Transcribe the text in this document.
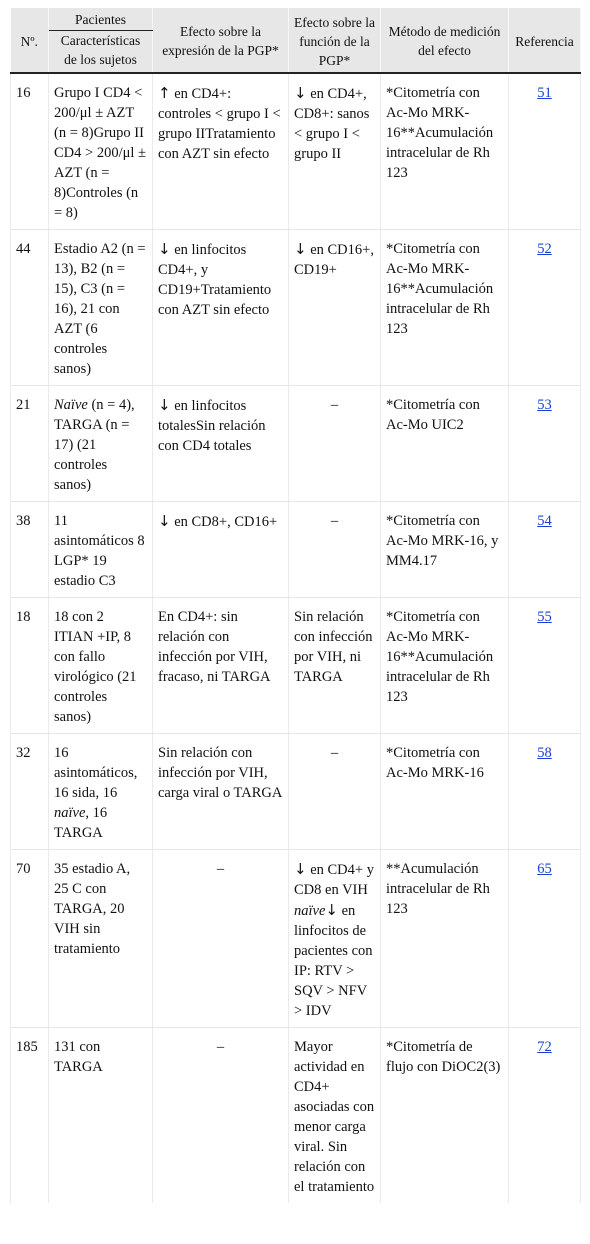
Nº.	Pacientes	Efecto sobre la expresión de la PGP*	Efecto sobre la función de la PGP*	Método de medición del efecto	Referencia
	Características de los sujetos				
16	Grupo I CD4 < 200/μl ± AZT (n = 8)Grupo II CD4 > 200/μl ± AZT (n = 8)Controles (n = 8)	↑ en CD4+: controles < grupo I < grupo IITratamiento con AZT sin efecto	↓ en CD4+, CD8+: sanos < grupo I < grupo II	*Citometría con Ac-Mo MRK-16**Acumulación intracelular de Rh 123	51
44	Estadio A2 (n = 13), B2 (n = 15), C3 (n = 16), 21 con AZT (6 controles sanos)	↓ en linfocitos CD4+, y CD19+Tratamiento con AZT sin efecto	↓ en CD16+, CD19+	*Citometría con Ac-Mo MRK-16**Acumulación intracelular de Rh 123	52
21	Naïve (n = 4), TARGA (n = 17) (21 controles sanos)	↓ en linfocitos totalesSin relación con CD4 totales	–	*Citometría con Ac-Mo UIC2	53
38	11 asintomáticos 8 LGP* 19 estadio C3	↓ en CD8+, CD16+	–	*Citometría con Ac-Mo MRK-16, y MM4.17	54
18	18 con 2 ITIAN +IP, 8 con fallo virológico (21 controles sanos)	En CD4+: sin relación con infección por VIH, fracaso, ni TARGA	Sin relación con infección por VIH, ni TARGA	*Citometría con Ac-Mo MRK-16**Acumulación intracelular de Rh 123	55
32	16 asintomáticos, 16 sida, 16 naïve, 16 TARGA	Sin relación con infección por VIH, carga viral o TARGA	–	*Citometría con Ac-Mo MRK-16	58
70	35 estadio A, 25 C con TARGA, 20 VIH sin tratamiento	–	↓ en CD4+ y CD8 en VIH naïve↓ en linfocitos de pacientes con IP: RTV > SQV > NFV > IDV	**Acumulación intracelular de Rh 123	65
185	131 con TARGA	–	Mayor actividad en CD4+ asociadas con menor carga viral. Sin relación con el tratamiento	*Citometría de flujo con DiOC2(3)	72
